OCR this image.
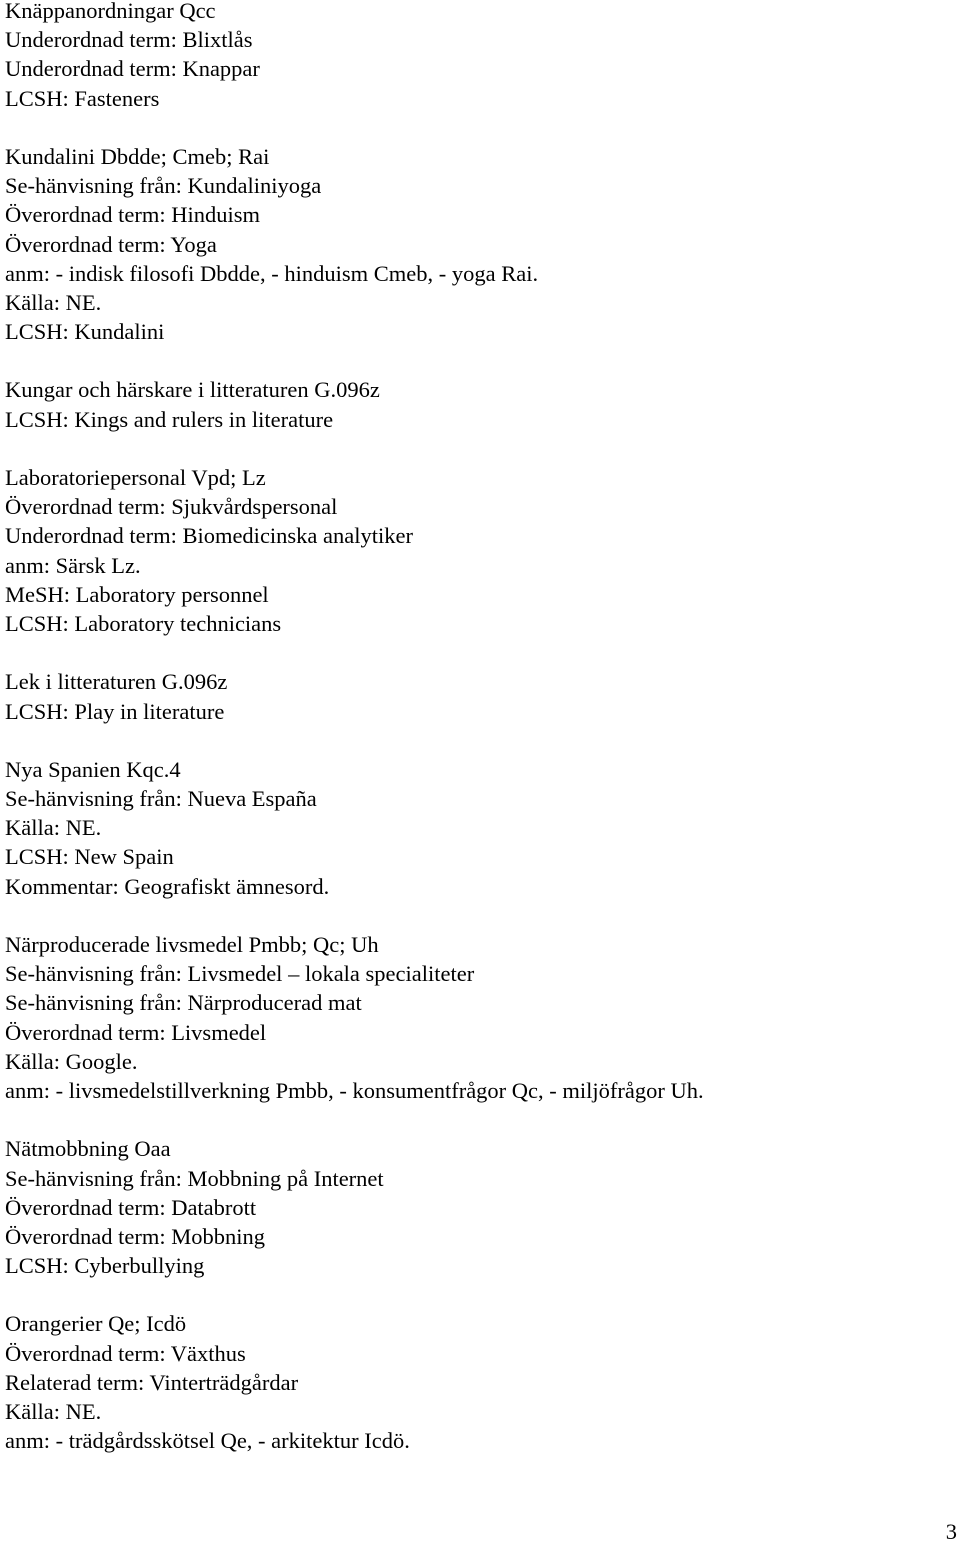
Knäppanordningar Qcc
Underordnad term: Blixtlås
Underordnad term: Knappar
LCSH: Fasteners
Kundalini Dbdde; Cmeb; Rai
Se-hänvisning från: Kundaliniyoga
Överordnad term: Hinduism
Överordnad term: Yoga
anm: - indisk filosofi Dbdde, - hinduism Cmeb, - yoga Rai.
Källa: NE.
LCSH: Kundalini
Kungar och härskare i litteraturen G.096z
LCSH: Kings and rulers in literature
Laboratoriepersonal Vpd; Lz
Överordnad term: Sjukvårdspersonal
Underordnad term: Biomedicinska analytiker
anm: Särsk Lz.
MeSH: Laboratory personnel
LCSH: Laboratory technicians
Lek i litteraturen G.096z
LCSH: Play in literature
Nya Spanien Kqc.4
Se-hänvisning från: Nueva España
Källa: NE.
LCSH: New Spain
Kommentar: Geografiskt ämnesord.
Närproducerade livsmedel Pmbb; Qc; Uh
Se-hänvisning från: Livsmedel – lokala specialiteter
Se-hänvisning från: Närproducerad mat
Överordnad term: Livsmedel
Källa: Google.
anm: - livsmedelstillverkning Pmbb, - konsumentfrågor Qc, - miljöfrågor Uh.
Nätmobbning Oaa
Se-hänvisning från: Mobbning på Internet
Överordnad term: Databrott
Överordnad term: Mobbning
LCSH: Cyberbullying
Orangerier Qe; Icdö
Överordnad term: Växthus
Relaterad term: Vinterträdgårdar
Källa: NE.
anm: - trädgårdsskötsel Qe, - arkitektur Icdö.
3
